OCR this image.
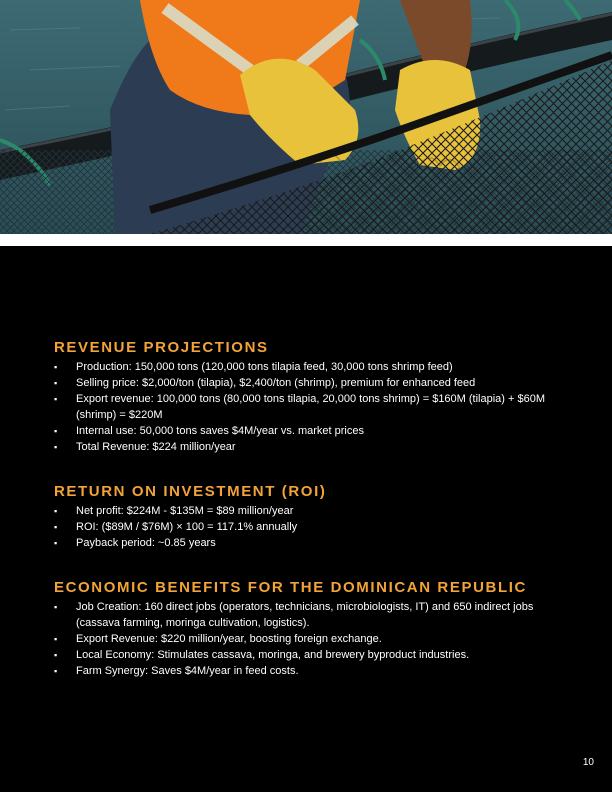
REVENUE PROJECTIONS
▪ Production: 150,000 tons (120,000 tons tilapia feed, 30,000 tons shrimp feed)
▪ Selling price: $2,000/ton (tilapia), $2,400/ton (shrimp), premium for enhanced feed
▪ Export revenue: 100,000 tons (80,000 tons tilapia, 20,000 tons shrimp) = $160M (tilapia) + $60M (shrimp) = $220M
▪ Internal use: 50,000 tons saves $4M/year vs. market prices
▪ Total Revenue: $224 million/year
RETURN ON INVESTMENT (ROI)
▪ Net profit: $224M - $135M = $89 million/year
▪ ROI: ($89M / $76M) × 100 = 117.1% annually
▪ Payback period: ~0.85 years
ECONOMIC BENEFITS FOR THE DOMINICAN REPUBLIC
▪ Job Creation: 160 direct jobs (operators, technicians, microbiologists, IT) and 650 indirect jobs (cassava farming, moringa cultivation, logistics).
▪ Export Revenue: $220 million/year, boosting foreign exchange.
▪ Local Economy: Stimulates cassava, moringa, and brewery byproduct industries.
▪ Farm Synergy: Saves $4M/year in feed costs.
10
